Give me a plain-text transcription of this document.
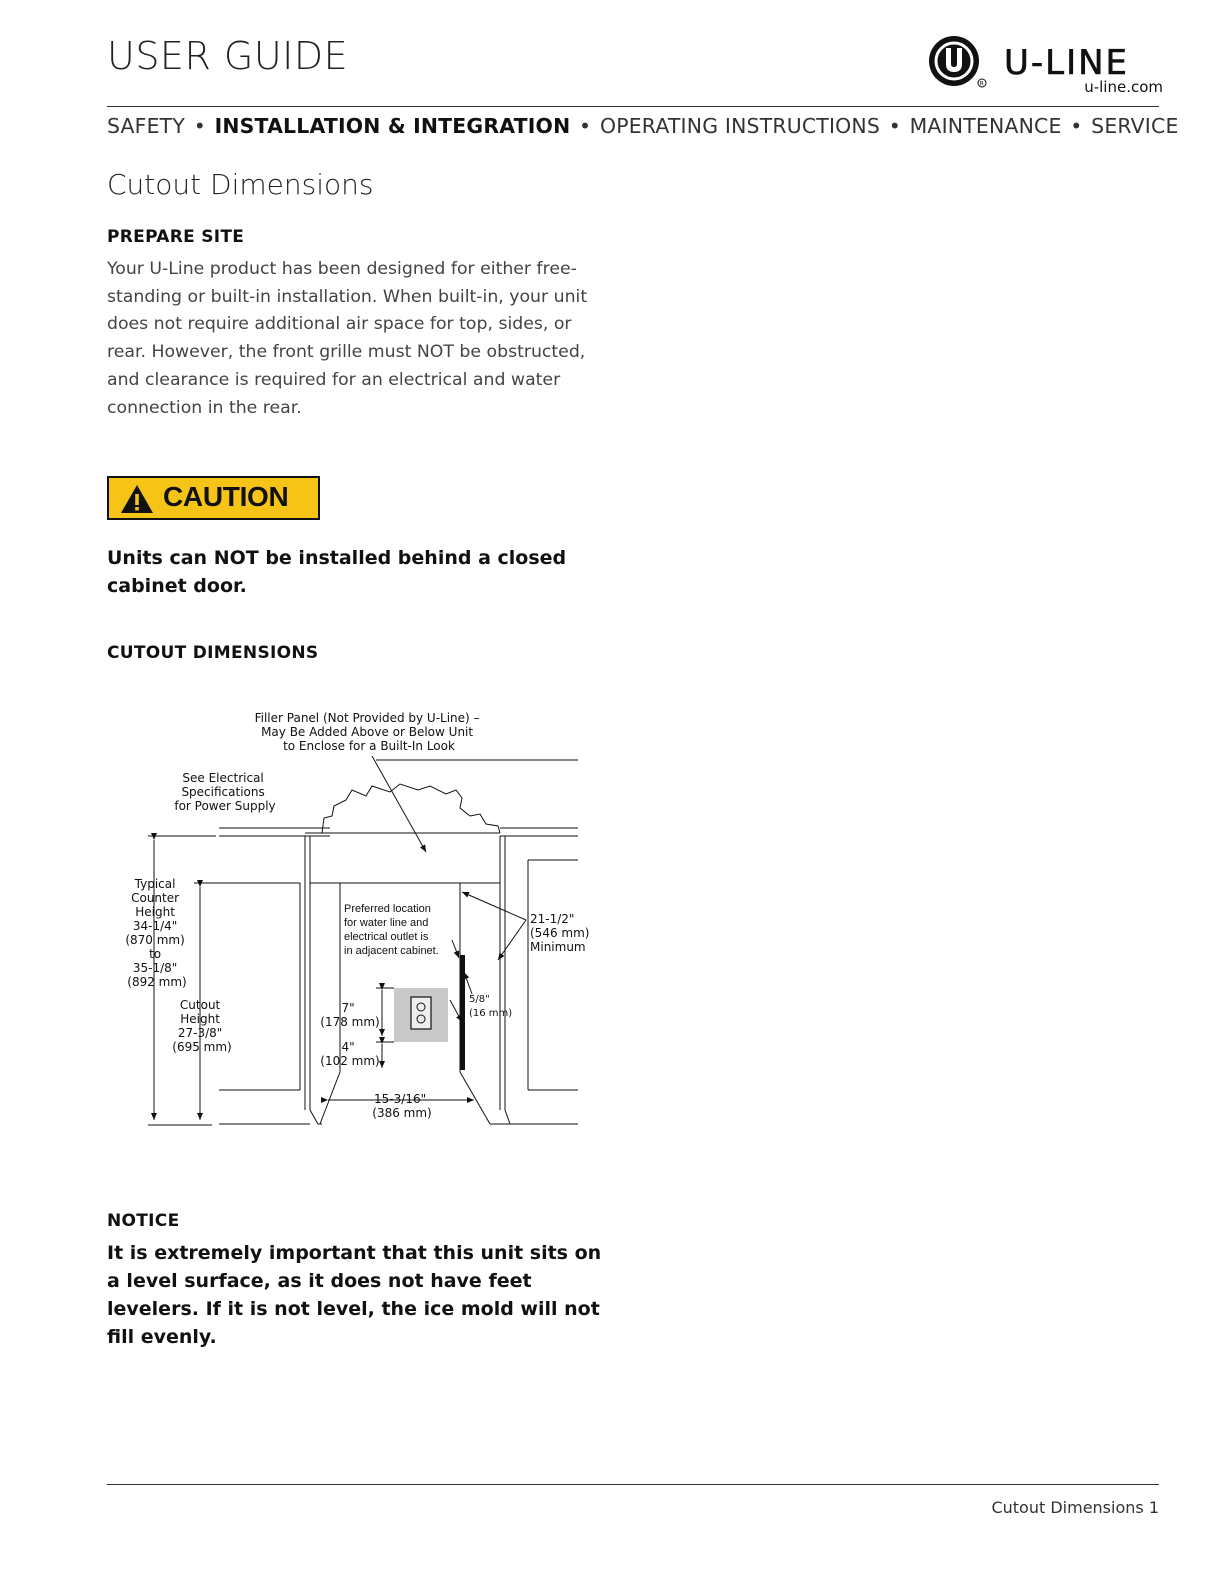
USER GUIDE
R
U-LINE
u-line.com
SAFETY • INSTALLATION & INTEGRATION • OPERATING INSTRUCTIONS • MAINTENANCE • SERVICE
Cutout Dimensions
PREPARE SITE
Your U-Line product has been designed for either free-standing or built-in installation. When built-in, your unit does not require additional air space for top, sides, or rear. However, the front grille must NOT be obstructed, and clearance is required for an electrical and water connection in the rear.
CAUTION
Units can NOT be installed behind a closed cabinet door.
CUTOUT DIMENSIONS
Filler Panel (Not Provided by U-Line) – May Be Added Above or Below Unit to Enclose for a Built-In Look
See Electrical Specifications for Power Supply
Typical Counter Height 34-1/4" (870 mm) to 35-1/8" (892 mm)
Cutout Height 27-3/8" (695 mm)
Preferred location for water line and electrical outlet is in adjacent cabinet.
21-1/2" (546 mm) Minimum
5/8" (16 mm)
7" (178 mm)
4" (102 mm)
15-3/16" (386 mm)
NOTICE
It is extremely important that this unit sits on a level surface, as it does not have feet levelers. If it is not level, the ice mold will not fill evenly.
Cutout Dimensions 1
